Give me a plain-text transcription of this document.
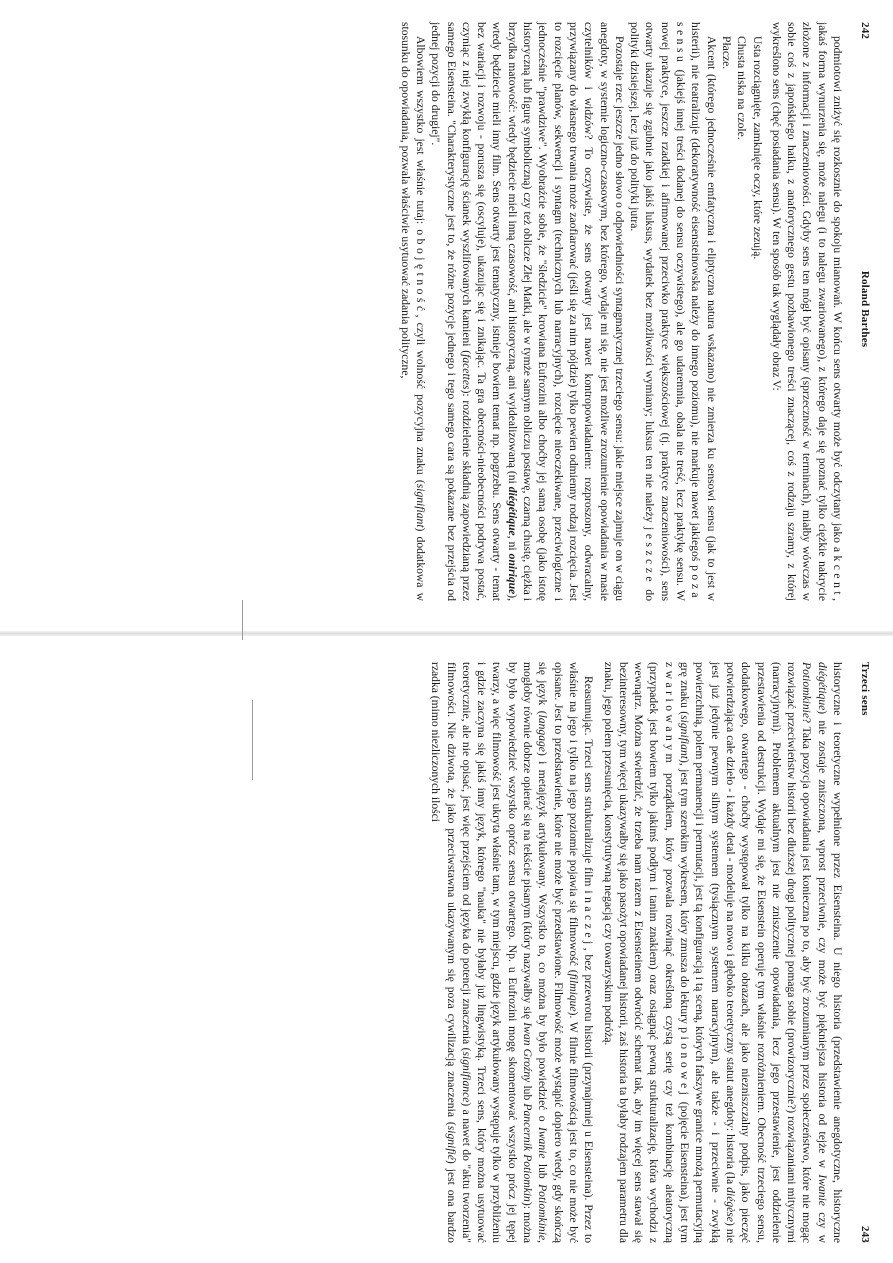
242
Roland Barthes

podmiotowi zniżyć się rozkosznie do spokoju mianowań. W końcu sens otwarty może być odczytany jako akcent, jakaś forma wynurzenia się, może nalegu (i to nalegu zwariowanego), z którego daje się poznać tylko ciężkie nakrycie złożone z informacji i znaczeniowości. Gdyby sens ten mógł być opisany (sprzeczność w terminach), miałby wówczas w sobie coś z japońskiego haiku, z anaforycznego gestu pozbawionego treści znaczącej, coś z rodzaju szramy, z której wykreślono sens (chęć posiadania sensu). W ten sposób tak wyglądały obraz V:

Usta rozciągnięte, zamknięte oczy, które zezują.

Chusta niska na czole.

Płacze.

Akcent (którego jednocześnie emfatyczna i eliptyczna natura wskazano) nie zmierza ku sensowi sensu (jak to jest w histerii), nie teatralizuje (dekoratywność eisensteinowska należy do innego poziomu), nie markuje nawet jakiegoś poza sensu (jakiejś innej treści dodanej do sensu oczywistego), ale go udaremnia, obala nie treść, lecz praktykę sensu. W nowej praktyce, jeszcze rzadkiej i afirmowanej przeciwko praktyce większościowej (tj. praktyce znaczeniowości), sens otwarty ukazuje się zgubnie jako jakiś luksus, wydatek bez możliwości wymiany; luksus ten nie należy jeszcze do polityki dzisiejszej, lecz już do polityki jutra.

Pozostaje rzec jeszcze jedno słowo o odpowiedniości syntagmatycznej trzeciego sensu: jakie miejsce zajmuje on w ciągu anegdoty, w systemie logiczno-czasowym, bez którego, wydaje mi się, nie jest możliwe zrozumienie opowiadania w masie czytelników i widzów? To oczywiste, że sens otwarty jest nawet kontropowiadaniem: rozproszony, odwracalny, przywiązany do własnego trwania może zaofiarować (jeśli się za nim pójdzie) tylko pewien odmienny rodzaj rozcięcia. Jest to rozcięcie planów, sekwencji i syntagm (technicznych lub narracyjnych), rozcięcie nieoczekiwane, przeciwlogiczne i jednocześnie "prawdziwe". Wyobraźcie sobie, że "śledzicie" krowiana Eufrozini albo choćby jej samą osobę (jako istotę historyczną lub figurę symboliczną) czy też oblicze Złej Matki, ale w tymże samym obliczu postawę, czarną chustę, ciężka i brzydka matowość: wtedy będziecie mieli inną czasowość, ani historyczną, ani wyidealizowaną (ni diégétique, ni onirique), wtedy będziecie mieli inny film. Sens otwarty jest tematyczny, istnieje bowiem temat np. pogrzebu. Sens otwarty - temat bez wariacji i rozwoju - porusza się (oscyluje), ukazując się i znikając. Ta gra obecności-nieobecności podrywa postać, czyniąc z niej zwykłą konfigurację ścianek wyszlifowanych kamieni (facettes): rozdzielenie składnią zapowiedzianą przez samego Eisensteina. "Charakterystyczne jest to, że różne pozycje jednego i tego samego cara są pokazane bez przejścia od jednej pozycji do drugiej".

Albowiem wszystko jest właśnie tutaj: obojętność, czyli wolność pozycyjna znaku (signifiant) dodatkowa w stosunku do opowiadania, pozwala właściwie usytuować zadania polityczne,

Trzeci sens
243

historyczne i teoretyczne wypełnione przez Eisensteina. U niego historia (przedstawienie anegdotyczne, historyczne diégétique) nie zostaje zniszczona, wprost przeciwnie, czy może być piękniejsza historia od tejże w Iwanie czy w Potiomkinie? Taka pozycja opowiadania jest konieczna po to, aby być zrozumianym przez społeczeństwo, które nie mogąc rozwiązać przeciwieństw historii bez dłuższej drogi politycznej pomaga sobie (prowizorycznie?) rozwiązaniami mitycznymi (narracyjnymi). Problemem aktualnym jest nie zniszczenie opowiadania, lecz jego przestawienie, jest oddzielenie przestawienia od destrukcji. Wydaje mi się, że Eisenstein operuje tym właśnie rozróżnieniem. Obecność trzeciego sensu, dodatkowego, otwartego - choćby występował tylko na kilku obrazach, ale jako niezniszczalny podpis, jako pieczęć potwierdzająca całe dzieło - i każdy detal - modeluje na nowo i głęboko teoretyczny statut anegdoty: historia (la diégèse) nie jest już jedynie pewnym silnym systemem (tysiącznym systemem narracyjnym), ale także - i przeciwnie - zwykłą powierzchnią, polem permanencji i permutacji, jest tą konfiguracją i tą sceną, których fałszywe granice mnożą permutacyjną grę znaku (signifiant), jest tym szerokim wykresem, który zmusza do lektury pionowej (pojęcie Eisensteina), jest tym zwariowanym porządkiem, który pozwala rozwinąć określoną czystą serię czy też kombinację aleatoryczną (przypadek jest bowiem tylko jakimś podłym i tanim znakiem) oraz osiągnąć pewną strukturalizację, która wychodzi z wewnątrz. Można stwierdzić, że trzeba nam razem z Eisensteinem odwrócić schemat tak, aby im więcej sens stawał się bezinteresowny, tym więcej ukazywałby się jako pasożyt opowiadanej historii, zaś historia ta byłaby rodzajem parametru dla znaku, jego polem przesunięcia, konstytutywną negacją czy towarzyskim podróżą.

Reasumując. Trzeci sens strukturalizuje film inaczej, bez przewrotu historii (przynajmniej u Eisensteina). Przez to właśnie na jego i tylko na jego poziomie pojawia się filmowość (filmique). W filmie filmowością jest to, co nie może być opisane. Jest to przedstawienie, które nie może być przedstawione. Filmowość może wystąpić dopiero wtedy, gdy skończą się język (langage) i metajęzyk artykułowany. Wszystko to, co można by było powiedzieć o Iwanie lub Potiomkinie, mogłoby równie dobrze opierać się na tekście pisanym (który nazywałby się Iwan Groźny lub Pancernik Potiomkin): można by było wypowiedzieć wszystko oprócz sensu otwartego. Np. u Eufrozini mogę skomentować wszystko prócz jej tępej twarzy, a więc filmowość jest ukryta właśnie tam, w tym miejscu, gdzie język artykułowany występuje tylko w przybliżeniu i gdzie zaczyna się jakiś inny język, którego "nauka" nie byłaby już lingwistyką. Trzeci sens, który można usytuować teoretycznie, ale nie opisać, jest więc przejściem od języka do potencji znaczenia (signifiance) a nawet do "aktu tworzenia" filmowości. Nie dziwota, że jako przeciwstawna ukazywanym się poza cywilizacją znaczenia (signifié) jest ona bardzo rzadka (mimo niezliczonych ilości
